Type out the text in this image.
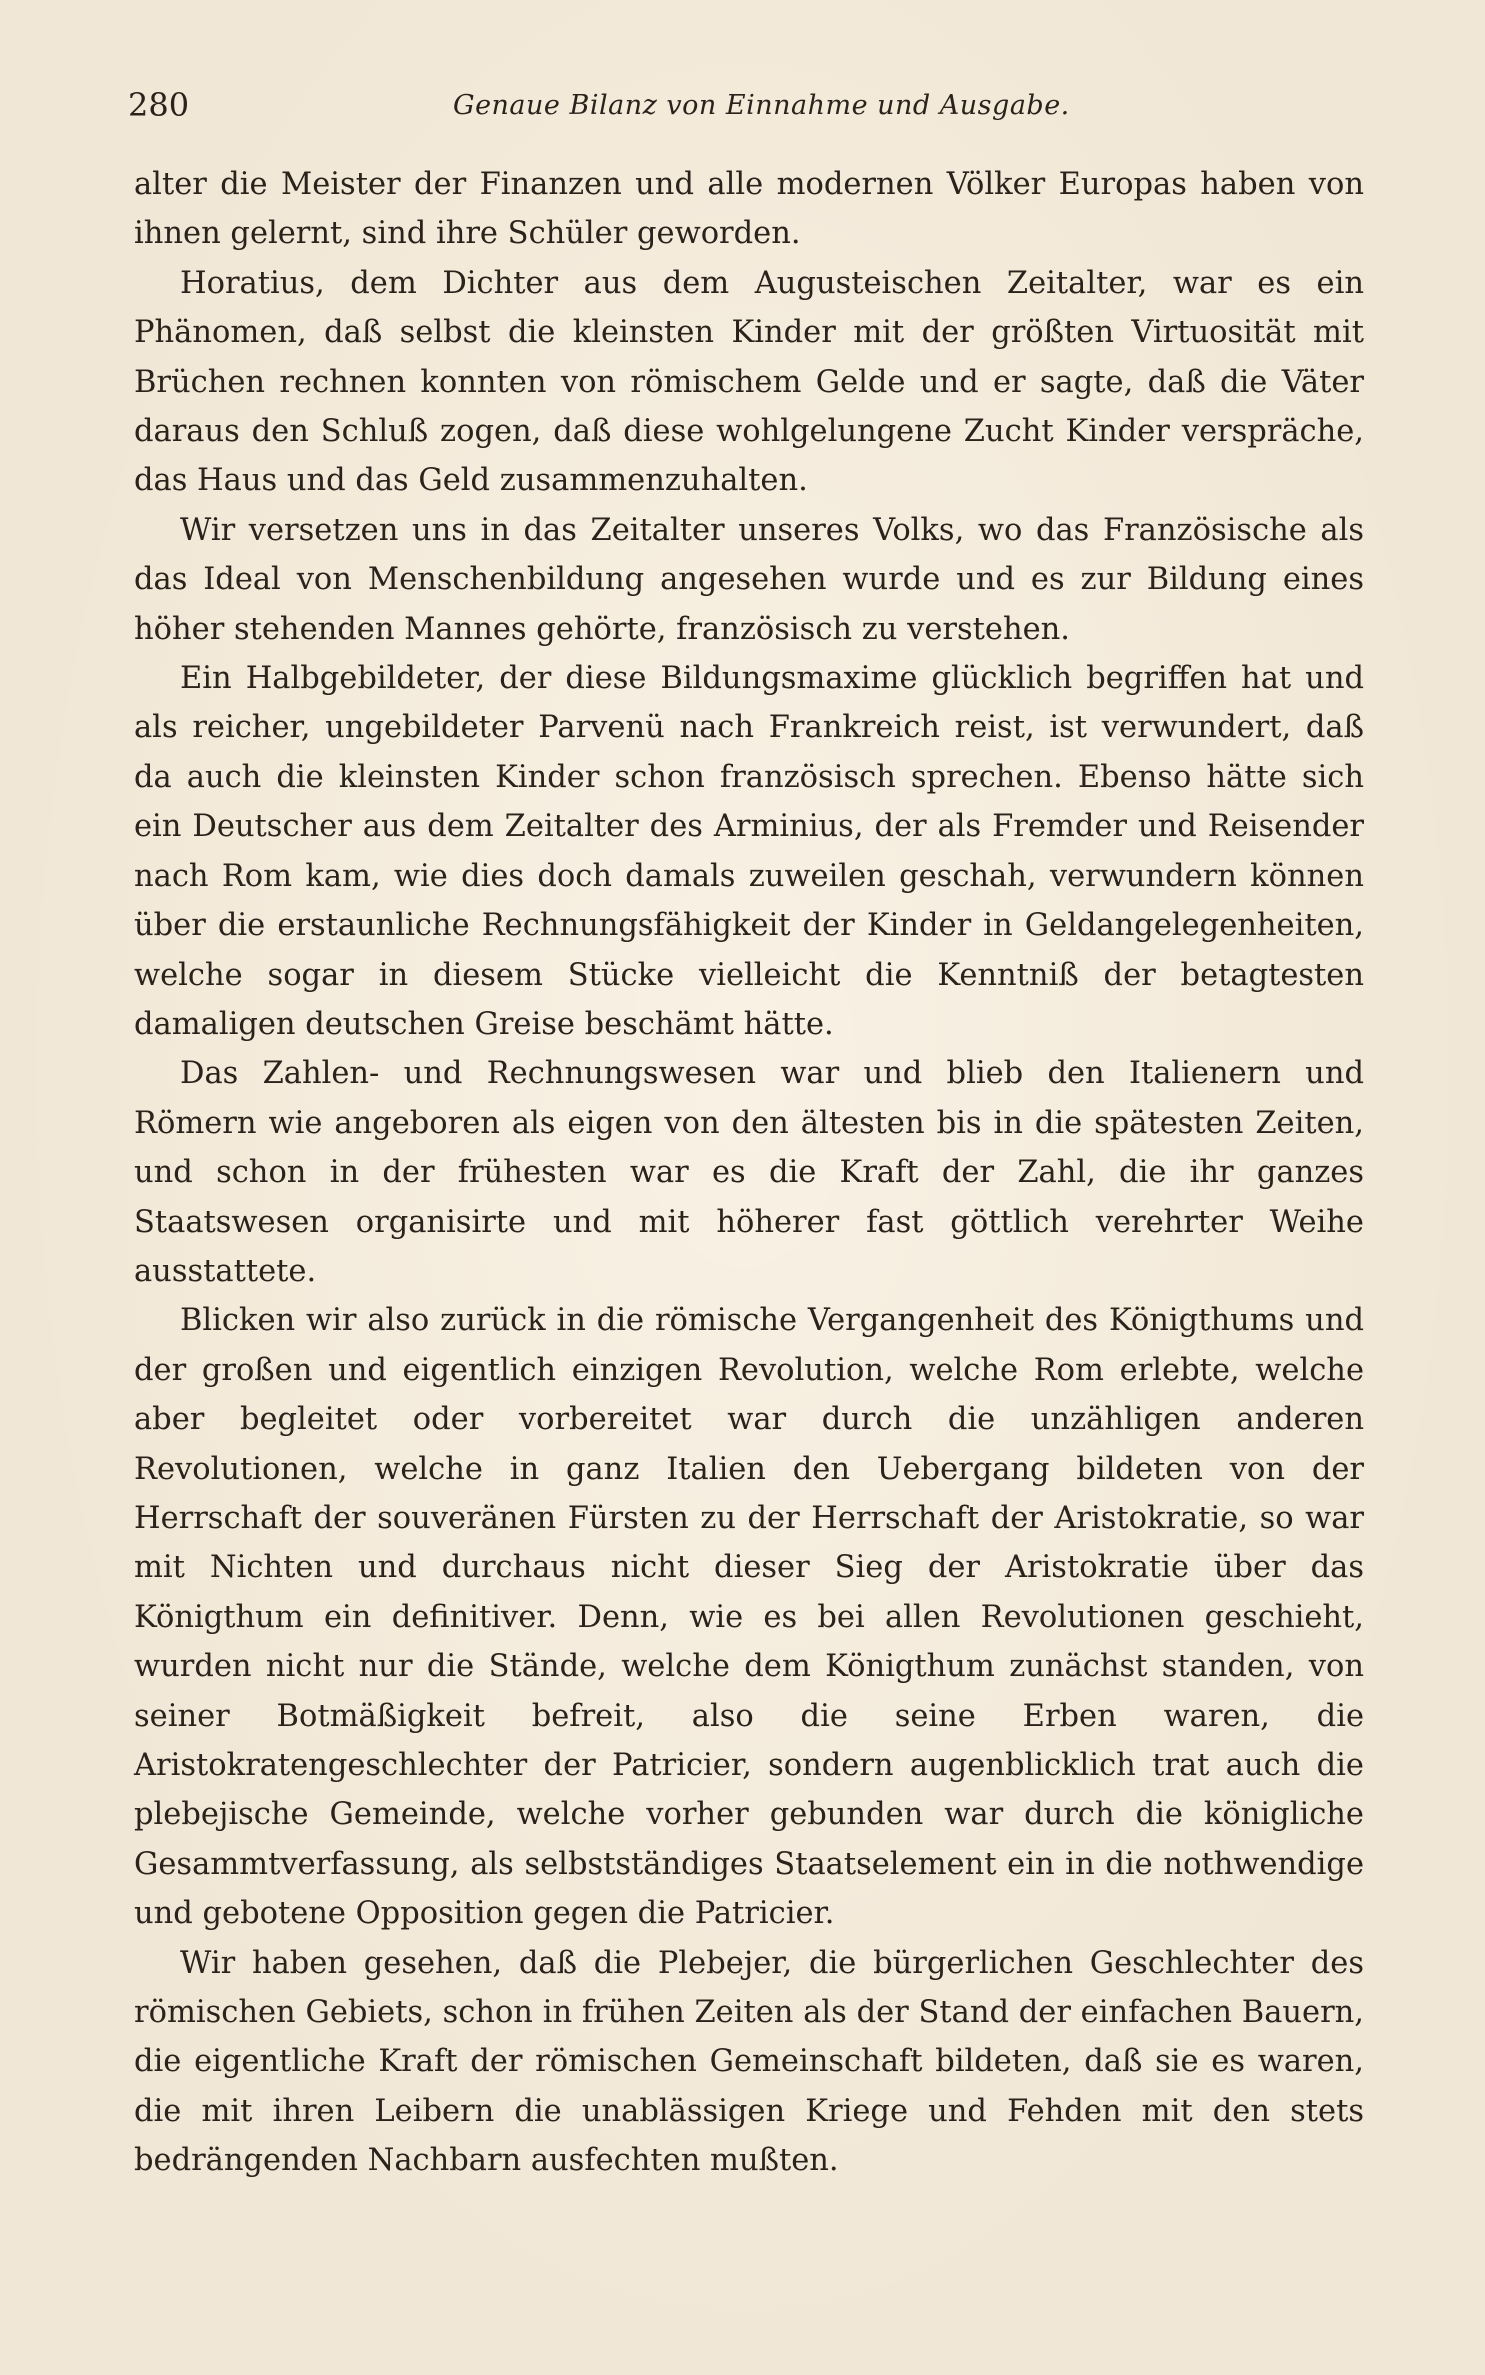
280	Genaue Bilanz von Einnahme und Ausgabe.

alter die Meister der Finanzen und alle modernen Völker Europas haben von ihnen gelernt, sind ihre Schüler geworden.

Horatius, dem Dichter aus dem Augusteischen Zeitalter, war es ein Phänomen, daß selbst die kleinsten Kinder mit der größten Virtuosität mit Brüchen rechnen konnten von römischem Gelde und er sagte, daß die Väter daraus den Schluß zogen, daß diese wohlgelungene Zucht Kinder verspräche, das Haus und das Geld zusammenzuhalten.

Wir versetzen uns in das Zeitalter unseres Volks, wo das Französische als das Ideal von Menschenbildung angesehen wurde und es zur Bildung eines höher stehenden Mannes gehörte, französisch zu verstehen.

Ein Halbgebildeter, der diese Bildungsmaxime glücklich begriffen hat und als reicher, ungebildeter Parvenü nach Frankreich reist, ist verwundert, daß da auch die kleinsten Kinder schon französisch sprechen. Ebenso hätte sich ein Deutscher aus dem Zeitalter des Arminius, der als Fremder und Reisender nach Rom kam, wie dies doch damals zuweilen geschah, verwundern können über die erstaunliche Rechnungsfähigkeit der Kinder in Geldangelegenheiten, welche sogar in diesem Stücke vielleicht die Kenntniß der betagtesten damaligen deutschen Greise beschämt hätte.

Das Zahlen- und Rechnungswesen war und blieb den Italienern und Römern wie angeboren als eigen von den ältesten bis in die spätesten Zeiten, und schon in der frühesten war es die Kraft der Zahl, die ihr ganzes Staatswesen organisirte und mit höherer fast göttlich verehrter Weihe ausstattete.

Blicken wir also zurück in die römische Vergangenheit des Königthums und der großen und eigentlich einzigen Revolution, welche Rom erlebte, welche aber begleitet oder vorbereitet war durch die unzähligen anderen Revolutionen, welche in ganz Italien den Uebergang bildeten von der Herrschaft der souveränen Fürsten zu der Herrschaft der Aristokratie, so war mit Nichten und durchaus nicht dieser Sieg der Aristokratie über das Königthum ein definitiver. Denn, wie es bei allen Revolutionen geschieht, wurden nicht nur die Stände, welche dem Königthum zunächst standen, von seiner Botmäßigkeit befreit, also die seine Erben waren, die Aristokratengeschlechter der Patricier, sondern augenblicklich trat auch die plebejische Gemeinde, welche vorher gebunden war durch die königliche Gesammtverfassung, als selbstständiges Staatselement ein in die nothwendige und gebotene Opposition gegen die Patricier.

Wir haben gesehen, daß die Plebejer, die bürgerlichen Geschlechter des römischen Gebiets, schon in frühen Zeiten als der Stand der einfachen Bauern, die eigentliche Kraft der römischen Gemeinschaft bildeten, daß sie es waren, die mit ihren Leibern die unablässigen Kriege und Fehden mit den stets bedrängenden Nachbarn ausfechten mußten.
